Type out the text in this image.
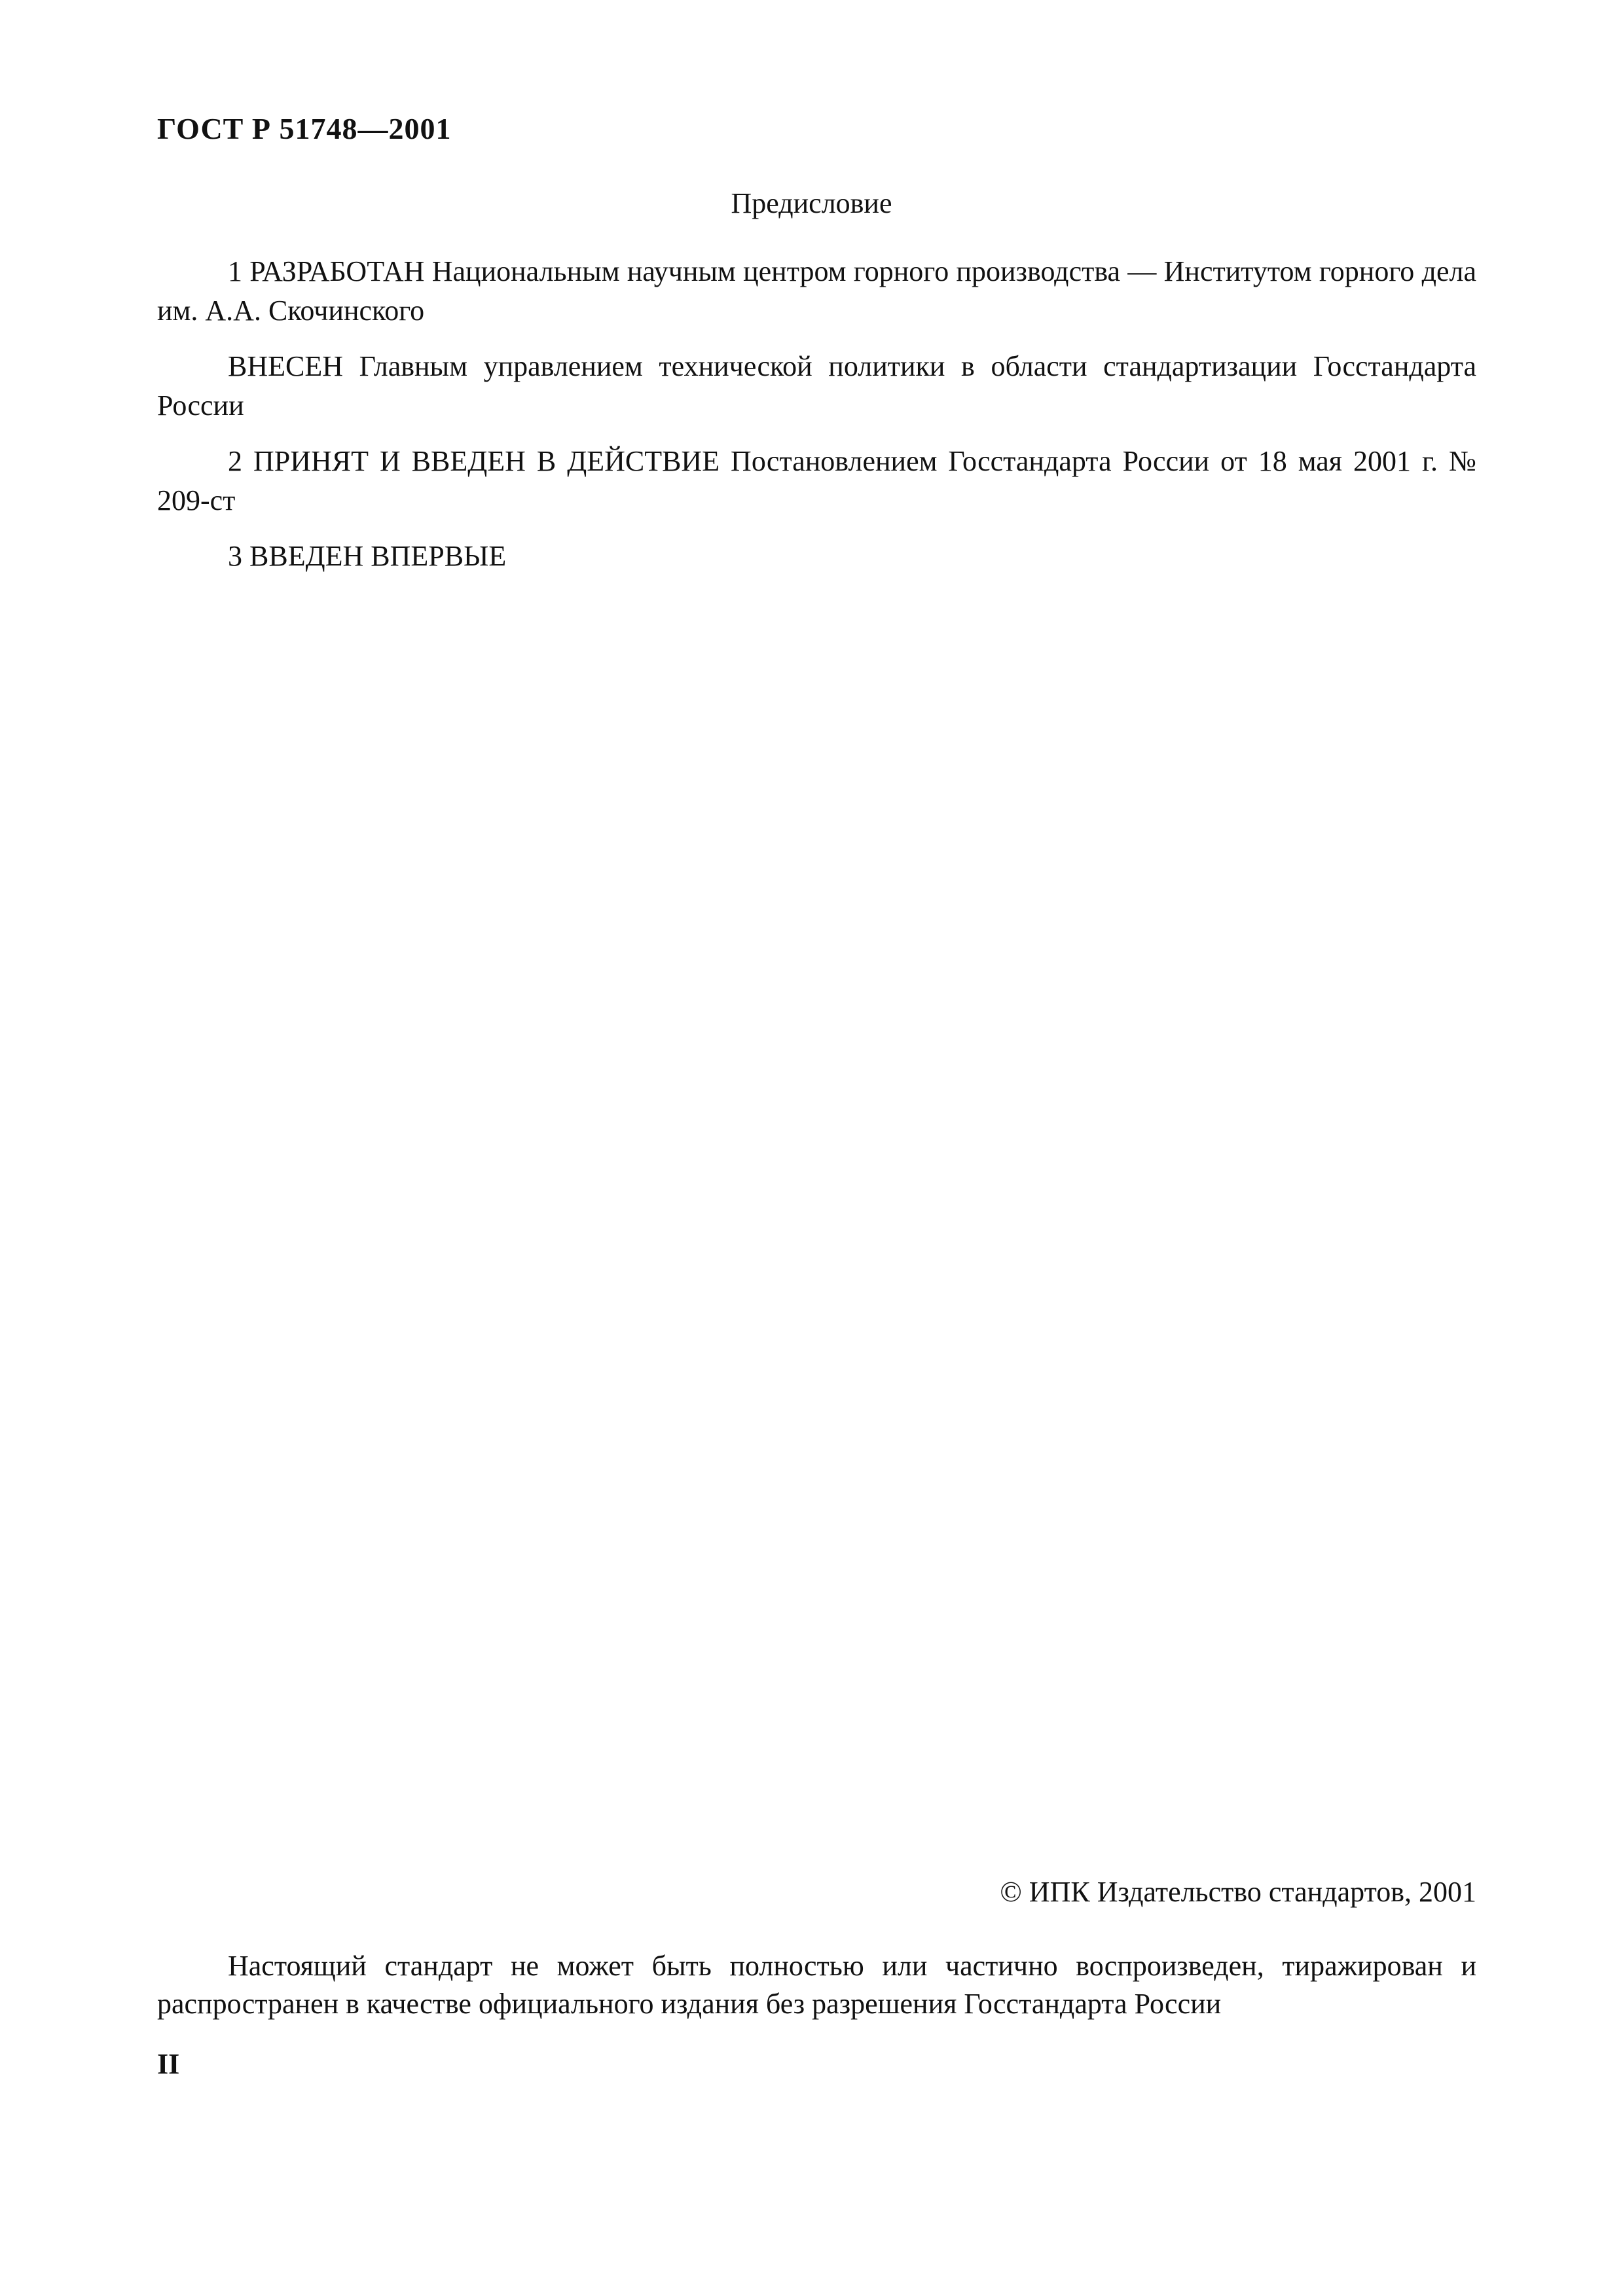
ГОСТ Р 51748—2001
Предисловие

1 РАЗРАБОТАН Национальным научным центром горного производства — Институтом горного дела им. А.А. Скочинского

ВНЕСЕН Главным управлением технической политики в области стандартизации Госстандарта России

2 ПРИНЯТ И ВВЕДЕН В ДЕЙСТВИЕ Постановлением Госстандарта России от 18 мая 2001 г. № 209-ст

3 ВВЕДЕН ВПЕРВЫЕ

© ИПК Издательство стандартов, 2001

Настоящий стандарт не может быть полностью или частично воспроизведен, тиражирован и распространен в качестве официального издания без разрешения Госстандарта России

II
